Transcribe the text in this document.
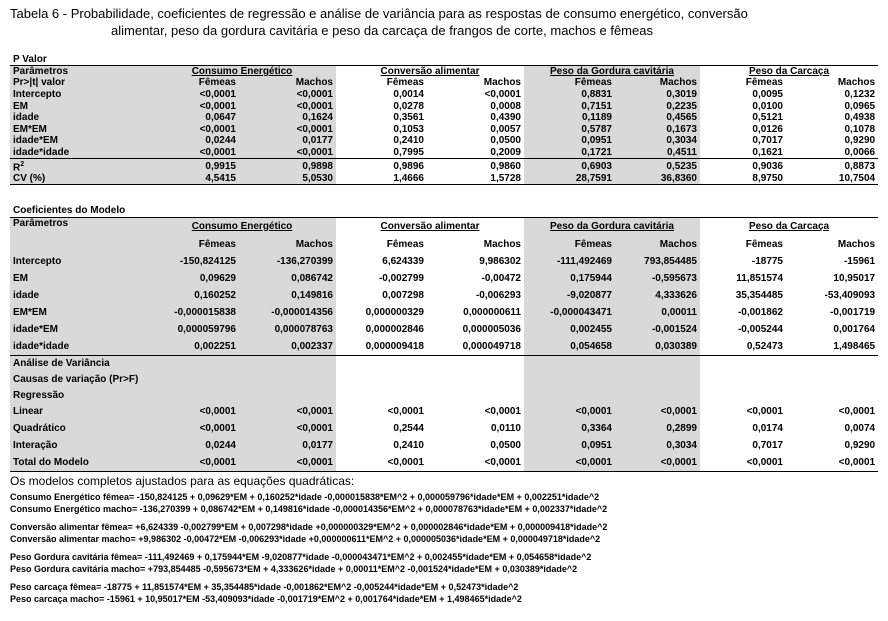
Tabela 6 - Probabilidade, coeficientes de regressão e análise de variância para as respostas de consumo energético, conversão
alimentar, peso da gordura cavitária e peso da carcaça de frangos de corte, machos e fêmeas
P Valor								
Parâmetros	Consumo Energético		Conversão alimentar		Peso da Gordura cavitária		Peso da Carcaça	
Pr>|t| valor	Fêmeas	Machos	Fêmeas	Machos	Fêmeas	Machos	Fêmeas	Machos
Intercepto	<0,0001	<0,0001	0,0014	<0,0001	0,8831	0,3019	0,0095	0,1232
EM	<0,0001	<0,0001	0,0278	0,0008	0,7151	0,2235	0,0100	0,0965
idade	0,0647	0,1624	0,3561	0,4390	0,1189	0,4565	0,5121	0,4938
EM*EM	<0,0001	<0,0001	0,1053	0,0057	0,5787	0,1673	0,0126	0,1078
idade*EM	0,0244	0,0177	0,2410	0,0500	0,0951	0,3034	0,7017	0,9290
idade*idade	<0,0001	<0,0001	0,7995	0,2009	0,1721	0,4511	0,1621	0,0066
$R^2$	0,9915	0,9898	0,9896	0,9860	0,6903	0,5235	0,9036	0,8873
CV (%)	4,5415	5,0530	1,4666	1,5728	28,7591	36,8360	8,9750	10,7504
Coeficientes do Modelo								
Parâmetros	Consumo Energético		Conversão alimentar		Peso da Gordura cavitária		Peso da Carcaça	
	Fêmeas	Machos	Fêmeas	Machos	Fêmeas	Machos	Fêmeas	Machos
Intercepto	-150,824125	-136,270399	6,624339	9,986302	-111,492469	793,854485	-18775	-15961
EM	0,09629	0,086742	-0,002799	-0,00472	0,175944	-0,595673	11,851574	10,95017
idade	0,160252	0,149816	0,007298	-0,006293	-9,020877	4,333626	35,354485	-53,409093
EM*EM	-0,000015838	-0,000014356	0,000000329	0,000000611	-0,000043471	0,00011	-0,001862	-0,001719
idade*EM	0,000059796	0,000078763	0,000002846	0,000005036	0,002455	-0,001524	-0,005244	0,001764
idade*idade	0,002251	0,002337	0,000009418	0,000049718	0,054658	0,030389	0,52473	1,498465
Análise de Variância								
Causas de variação (Pr>F)								
Regressão								
Linear	<0,0001	<0,0001	<0,0001	<0,0001	<0,0001	<0,0001	<0,0001	<0,0001
Quadrático	<0,0001	<0,0001	0,2544	0,0110	0,3364	0,2899	0,0174	0,0074
Interação	0,0244	0,0177	0,2410	0,0500	0,0951	0,3034	0,7017	0,9290
Total do Modelo	<0,0001	<0,0001	<0,0001	<0,0001	<0,0001	<0,0001	<0,0001	<0,0001
Os modelos completos ajustados para as equações quadráticas:
Consumo Energético fêmea= -150,824125 + 0,09629*EM + 0,160252*idade -0,000015838*EM^2 + 0,000059796*idade*EM + 0,002251*idade^2
Consumo Energético macho= -136,270399 + 0,086742*EM + 0,149816*idade -0,000014356*EM^2 + 0,000078763*idade*EM + 0,002337*idade^2
Conversão alimentar fêmea= +6,624339 -0,002799*EM + 0,007298*idade +0,000000329*EM^2 + 0,000002846*idade*EM + 0,000009418*idade^2
Conversão alimentar macho= +9,986302 -0,00472*EM -0,006293*idade +0,000000611*EM^2 + 0,000005036*idade*EM + 0,000049718*idade^2
Peso Gordura cavitária fêmea= -111,492469 + 0,175944*EM -9,020877*idade -0,000043471*EM^2 + 0,002455*idade*EM + 0,054658*idade^2
Peso Gordura cavitária macho= +793,854485 -0,595673*EM + 4,333626*idade + 0,00011*EM^2 -0,001524*idade*EM + 0,030389*idade^2
Peso carcaça fêmea= -18775 + 11,851574*EM + 35,354485*idade -0,001862*EM^2 -0,005244*idade*EM + 0,52473*idade^2
Peso carcaça macho= -15961 + 10,95017*EM -53,409093*idade -0,001719*EM^2 + 0,001764*idade*EM + 1,498465*idade^2
